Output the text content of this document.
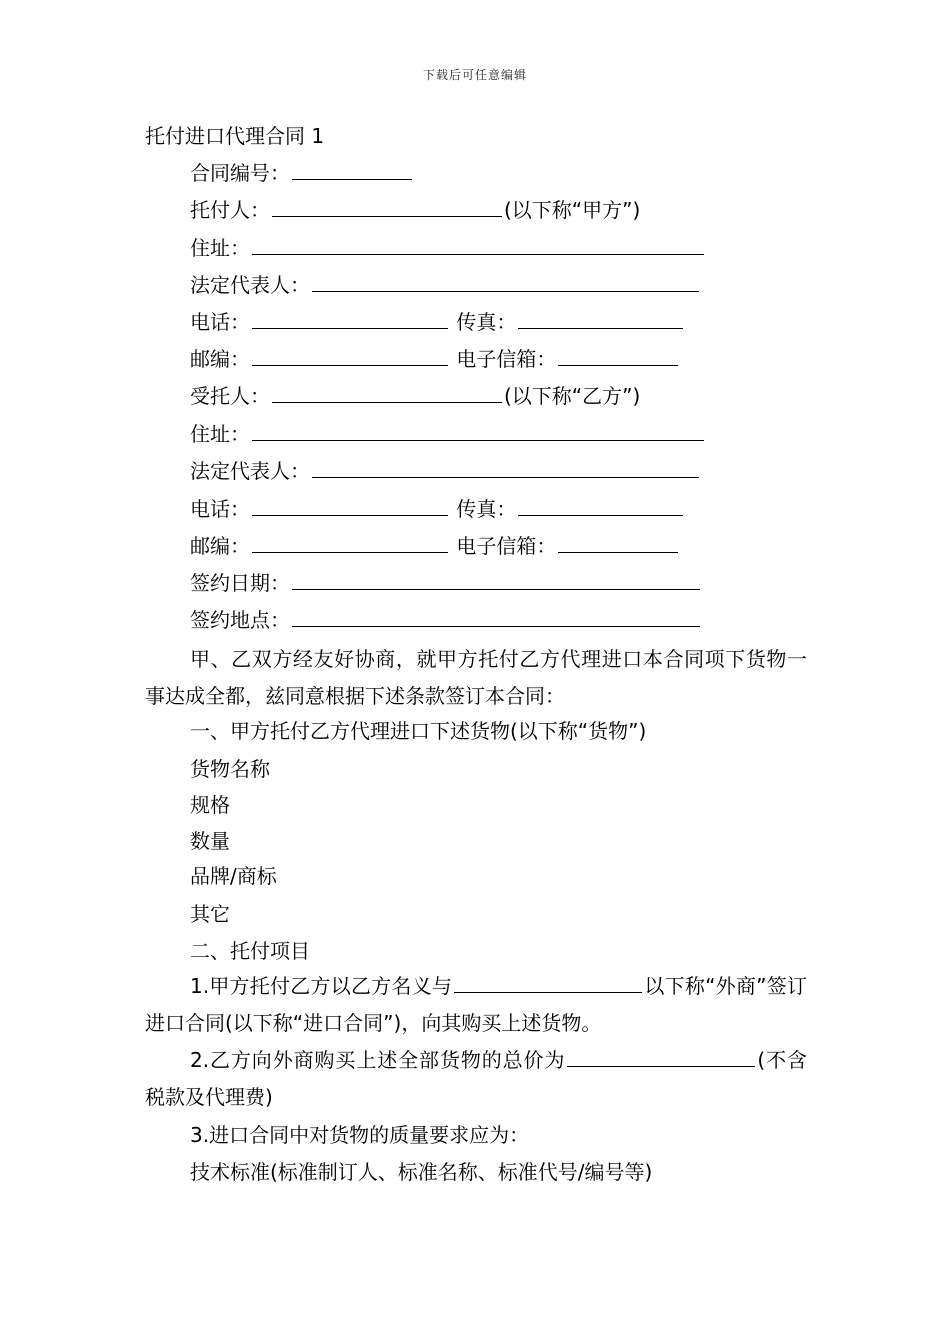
下载后可任意编辑
托付进口代理合同 1
合同编号：
托付人：	(以下称“甲方”)
住址：
法定代表人：
电话：	传真：
邮编：	电子信箱：
受托人：	(以下称“乙方”)
住址：
法定代表人：
电话：	传真：
邮编：	电子信箱：
签约日期：
签约地点：
甲、乙双方经友好协商，就甲方托付乙方代理进口本合同项下货物一事达成全都，兹同意根据下述条款签订本合同：
一、甲方托付乙方代理进口下述货物(以下称“货物”)
货物名称
规格
数量
品牌/商标
其它
二、托付项目
1.甲方托付乙方以乙方名义与	以下称“外商”签订进口合同(以下称“进口合同”)，向其购买上述货物。
2.乙方向外商购买上述全部货物的总价为	(不含税款及代理费)
3.进口合同中对货物的质量要求应为：
技术标准(标准制订人、标准名称、标准代号/编号等)
